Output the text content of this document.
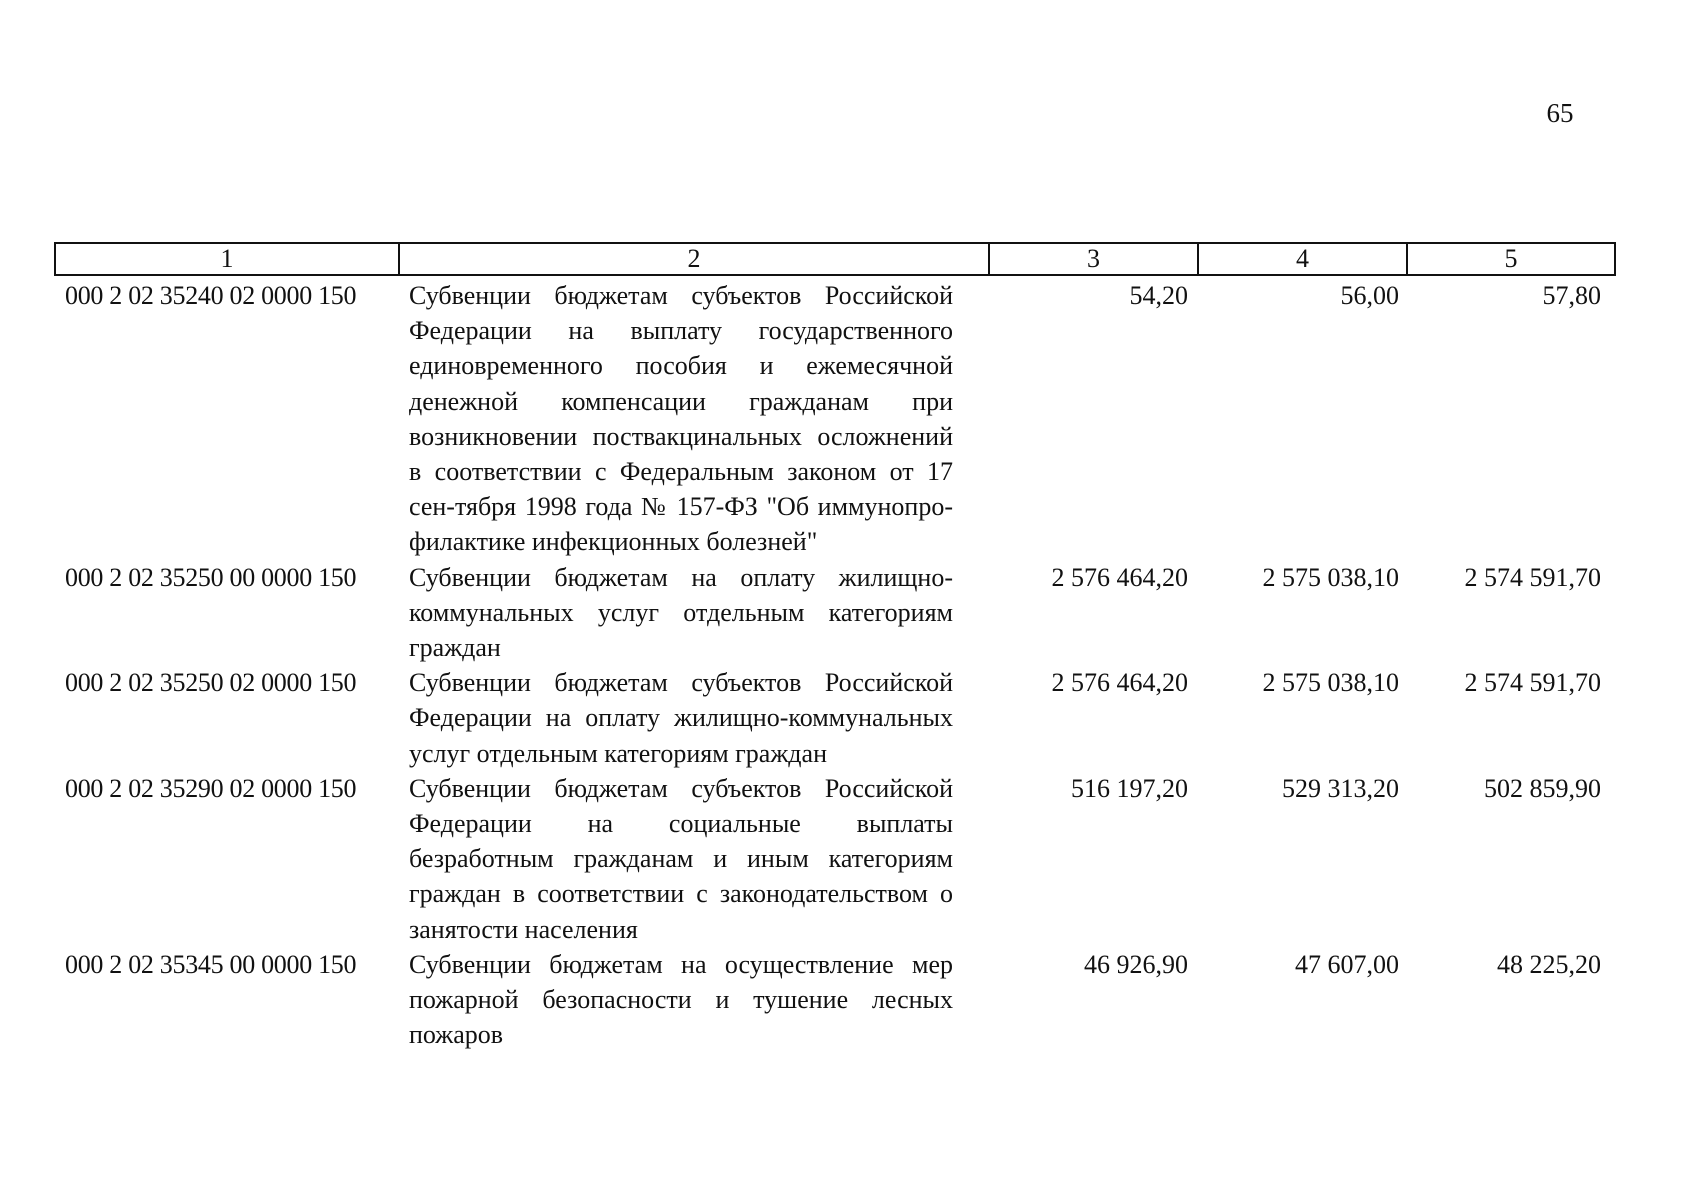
65
1	2	3	4	5
000 2 02 35240 02 0000 150	Субвенции бюджетам субъектов Российской Федерации на выплату государственного единовременного пособия и ежемесячной денежной компенсации гражданам при возникновении поствакцинальных осложнений в соответствии с Федеральным законом от 17 сен-тября 1998 года № 157-ФЗ "Об иммунопро-филактике инфекционных болезней"	54,20	56,00	57,80
000 2 02 35250 00 0000 150	Субвенции бюджетам на оплату жилищно-коммунальных услуг отдельным категориям граждан	2 576 464,20	2 575 038,10	2 574 591,70
000 2 02 35250 02 0000 150	Субвенции бюджетам субъектов Российской Федерации на оплату жилищно-коммунальных услуг отдельным категориям граждан	2 576 464,20	2 575 038,10	2 574 591,70
000 2 02 35290 02 0000 150	Субвенции бюджетам субъектов Российской Федерации на социальные выплаты безработным гражданам и иным категориям граждан в соответствии с законодательством о занятости населения	516 197,20	529 313,20	502 859,90
000 2 02 35345 00 0000 150	Субвенции бюджетам на осуществление мер пожарной безопасности и тушение лесных пожаров	46 926,90	47 607,00	48 225,20
